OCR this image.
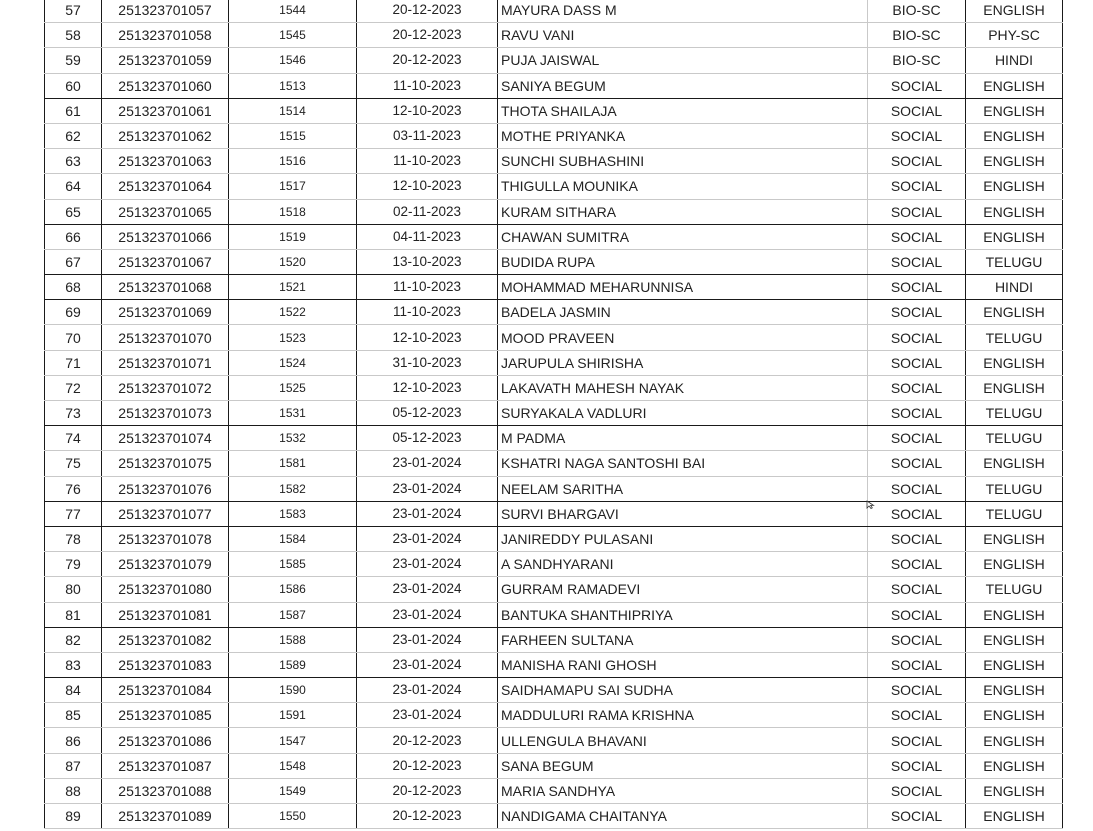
57	251323701057	1544	20-12-2023	MAYURA DASS M	BIO-SC	ENGLISH
58	251323701058	1545	20-12-2023	RAVU VANI	BIO-SC	PHY-SC
59	251323701059	1546	20-12-2023	PUJA JAISWAL	BIO-SC	HINDI
60	251323701060	1513	11-10-2023	SANIYA BEGUM	SOCIAL	ENGLISH
61	251323701061	1514	12-10-2023	THOTA SHAILAJA	SOCIAL	ENGLISH
62	251323701062	1515	03-11-2023	MOTHE PRIYANKA	SOCIAL	ENGLISH
63	251323701063	1516	11-10-2023	SUNCHI SUBHASHINI	SOCIAL	ENGLISH
64	251323701064	1517	12-10-2023	THIGULLA MOUNIKA	SOCIAL	ENGLISH
65	251323701065	1518	02-11-2023	KURAM SITHARA	SOCIAL	ENGLISH
66	251323701066	1519	04-11-2023	CHAWAN SUMITRA	SOCIAL	ENGLISH
67	251323701067	1520	13-10-2023	BUDIDA RUPA	SOCIAL	TELUGU
68	251323701068	1521	11-10-2023	MOHAMMAD MEHARUNNISA	SOCIAL	HINDI
69	251323701069	1522	11-10-2023	BADELA JASMIN	SOCIAL	ENGLISH
70	251323701070	1523	12-10-2023	MOOD PRAVEEN	SOCIAL	TELUGU
71	251323701071	1524	31-10-2023	JARUPULA SHIRISHA	SOCIAL	ENGLISH
72	251323701072	1525	12-10-2023	LAKAVATH MAHESH NAYAK	SOCIAL	ENGLISH
73	251323701073	1531	05-12-2023	SURYAKALA VADLURI	SOCIAL	TELUGU
74	251323701074	1532	05-12-2023	M PADMA	SOCIAL	TELUGU
75	251323701075	1581	23-01-2024	KSHATRI NAGA SANTOSHI BAI	SOCIAL	ENGLISH
76	251323701076	1582	23-01-2024	NEELAM SARITHA	SOCIAL	TELUGU
77	251323701077	1583	23-01-2024	SURVI BHARGAVI	SOCIAL	TELUGU
78	251323701078	1584	23-01-2024	JANIREDDY PULASANI	SOCIAL	ENGLISH
79	251323701079	1585	23-01-2024	A SANDHYARANI	SOCIAL	ENGLISH
80	251323701080	1586	23-01-2024	GURRAM RAMADEVI	SOCIAL	TELUGU
81	251323701081	1587	23-01-2024	BANTUKA SHANTHIPRIYA	SOCIAL	ENGLISH
82	251323701082	1588	23-01-2024	FARHEEN SULTANA	SOCIAL	ENGLISH
83	251323701083	1589	23-01-2024	MANISHA RANI GHOSH	SOCIAL	ENGLISH
84	251323701084	1590	23-01-2024	SAIDHAMAPU SAI SUDHA	SOCIAL	ENGLISH
85	251323701085	1591	23-01-2024	MADDULURI RAMA KRISHNA	SOCIAL	ENGLISH
86	251323701086	1547	20-12-2023	ULLENGULA BHAVANI	SOCIAL	ENGLISH
87	251323701087	1548	20-12-2023	SANA BEGUM	SOCIAL	ENGLISH
88	251323701088	1549	20-12-2023	MARIA SANDHYA	SOCIAL	ENGLISH
89	251323701089	1550	20-12-2023	NANDIGAMA CHAITANYA	SOCIAL	ENGLISH
